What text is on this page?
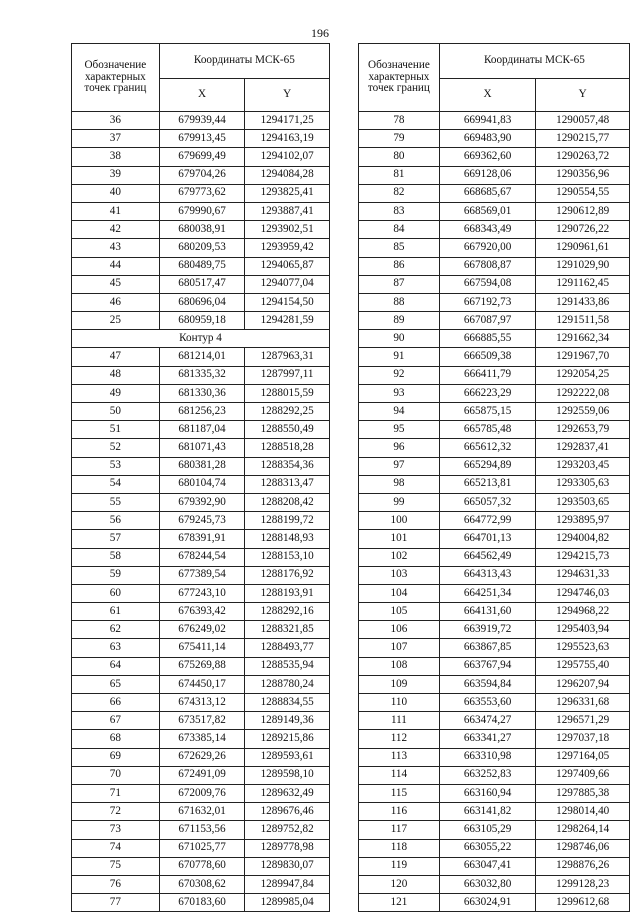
196
Обозначение характерных точек границ	Координаты МСК-65	
	X	Y
36	679939,44	1294171,25
37	679913,45	1294163,19
38	679699,49	1294102,07
39	679704,26	1294084,28
40	679773,62	1293825,41
41	679990,67	1293887,41
42	680038,91	1293902,51
43	680209,53	1293959,42
44	680489,75	1294065,87
45	680517,47	1294077,04
46	680696,04	1294154,50
25	680959,18	1294281,59
Контур 4		
47	681214,01	1287963,31
48	681335,32	1287997,11
49	681330,36	1288015,59
50	681256,23	1288292,25
51	681187,04	1288550,49
52	681071,43	1288518,28
53	680381,28	1288354,36
54	680104,74	1288313,47
55	679392,90	1288208,42
56	679245,73	1288199,72
57	678391,91	1288148,93
58	678244,54	1288153,10
59	677389,54	1288176,92
60	677243,10	1288193,91
61	676393,42	1288292,16
62	676249,02	1288321,85
63	675411,14	1288493,77
64	675269,88	1288535,94
65	674450,17	1288780,24
66	674313,12	1288834,55
67	673517,82	1289149,36
68	673385,14	1289215,86
69	672629,26	1289593,61
70	672491,09	1289598,10
71	672009,76	1289632,49
72	671632,01	1289676,46
73	671153,56	1289752,82
74	671025,77	1289778,98
75	670778,60	1289830,07
76	670308,62	1289947,84
77	670183,60	1289985,04
Обозначение характерных точек границ	Координаты МСК-65	
	X	Y
78	669941,83	1290057,48
79	669483,90	1290215,77
80	669362,60	1290263,72
81	669128,06	1290356,96
82	668685,67	1290554,55
83	668569,01	1290612,89
84	668343,49	1290726,22
85	667920,00	1290961,61
86	667808,87	1291029,90
87	667594,08	1291162,45
88	667192,73	1291433,86
89	667087,97	1291511,58
90	666885,55	1291662,34
91	666509,38	1291967,70
92	666411,79	1292054,25
93	666223,29	1292222,08
94	665875,15	1292559,06
95	665785,48	1292653,79
96	665612,32	1292837,41
97	665294,89	1293203,45
98	665213,81	1293305,63
99	665057,32	1293503,65
100	664772,99	1293895,97
101	664701,13	1294004,82
102	664562,49	1294215,73
103	664313,43	1294631,33
104	664251,34	1294746,03
105	664131,60	1294968,22
106	663919,72	1295403,94
107	663867,85	1295523,63
108	663767,94	1295755,40
109	663594,84	1296207,94
110	663553,60	1296331,68
111	663474,27	1296571,29
112	663341,27	1297037,18
113	663310,98	1297164,05
114	663252,83	1297409,66
115	663160,94	1297885,38
116	663141,82	1298014,40
117	663105,29	1298264,14
118	663055,22	1298746,06
119	663047,41	1298876,26
120	663032,80	1299128,23
121	663024,91	1299612,68
